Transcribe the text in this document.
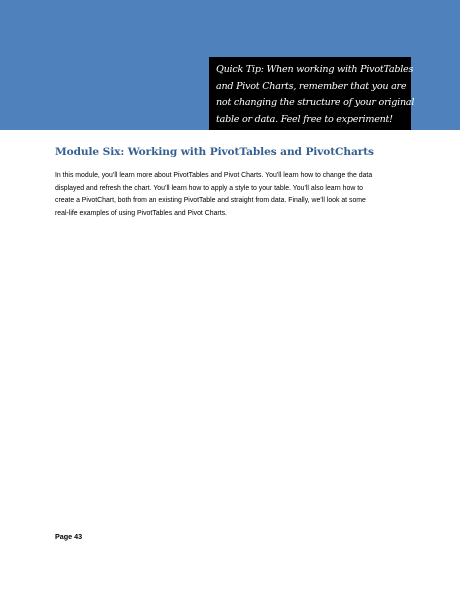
Quick Tip: When working with PivotTables
and Pivot Charts, remember that you are
not changing the structure of your original
table or data. Feel free to experiment!

Module Six: Working with PivotTables and PivotCharts

In this module, you’ll learn more about PivotTables and Pivot Charts. You’ll learn how to change the data
displayed and refresh the chart. You’ll learn how to apply a style to your table. You’ll also learn how to
create a PivotChart, both from an existing PivotTable and straight from data. Finally, we’ll look at some
real-life examples of using PivotTables and Pivot Charts.

Page 43
